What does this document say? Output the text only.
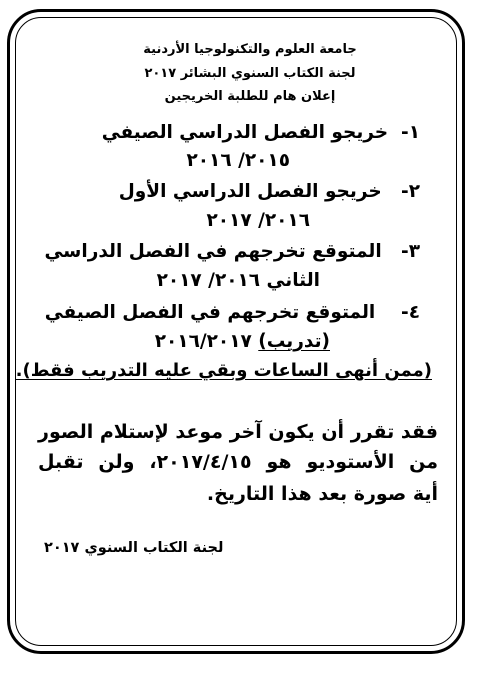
جامعة العلوم والتكنولوجيا الأردنية
لجنة الكتاب السنوي البشائر ٢٠١٧
إعلان هام للطلبة الخريجين
١-  خريجو الفصل الدراسي الصيفي
٢٠١٥/ ٢٠١٦
٢-   خريجو الفصل الدراسي الأول
٢٠١٦/ ٢٠١٧
٣-   المتوقع تخرجهم في الفصل الدراسي
الثاني ٢٠١٦/ ٢٠١٧
٤-    المتوقع تخرجهم في الفصل الصيفي
(تدريب) ٢٠١٦/٢٠١٧
(ممن أنهى الساعات وبقي عليه التدريب فقط).
فقد تقرر أن يكون آخر موعد لإستلام الصور
من الأستوديو هو ٢٠١٧/٤/١٥، ولن تقبل
أية صورة بعد هذا التاريخ.
لجنة الكتاب السنوي ٢٠١٧
